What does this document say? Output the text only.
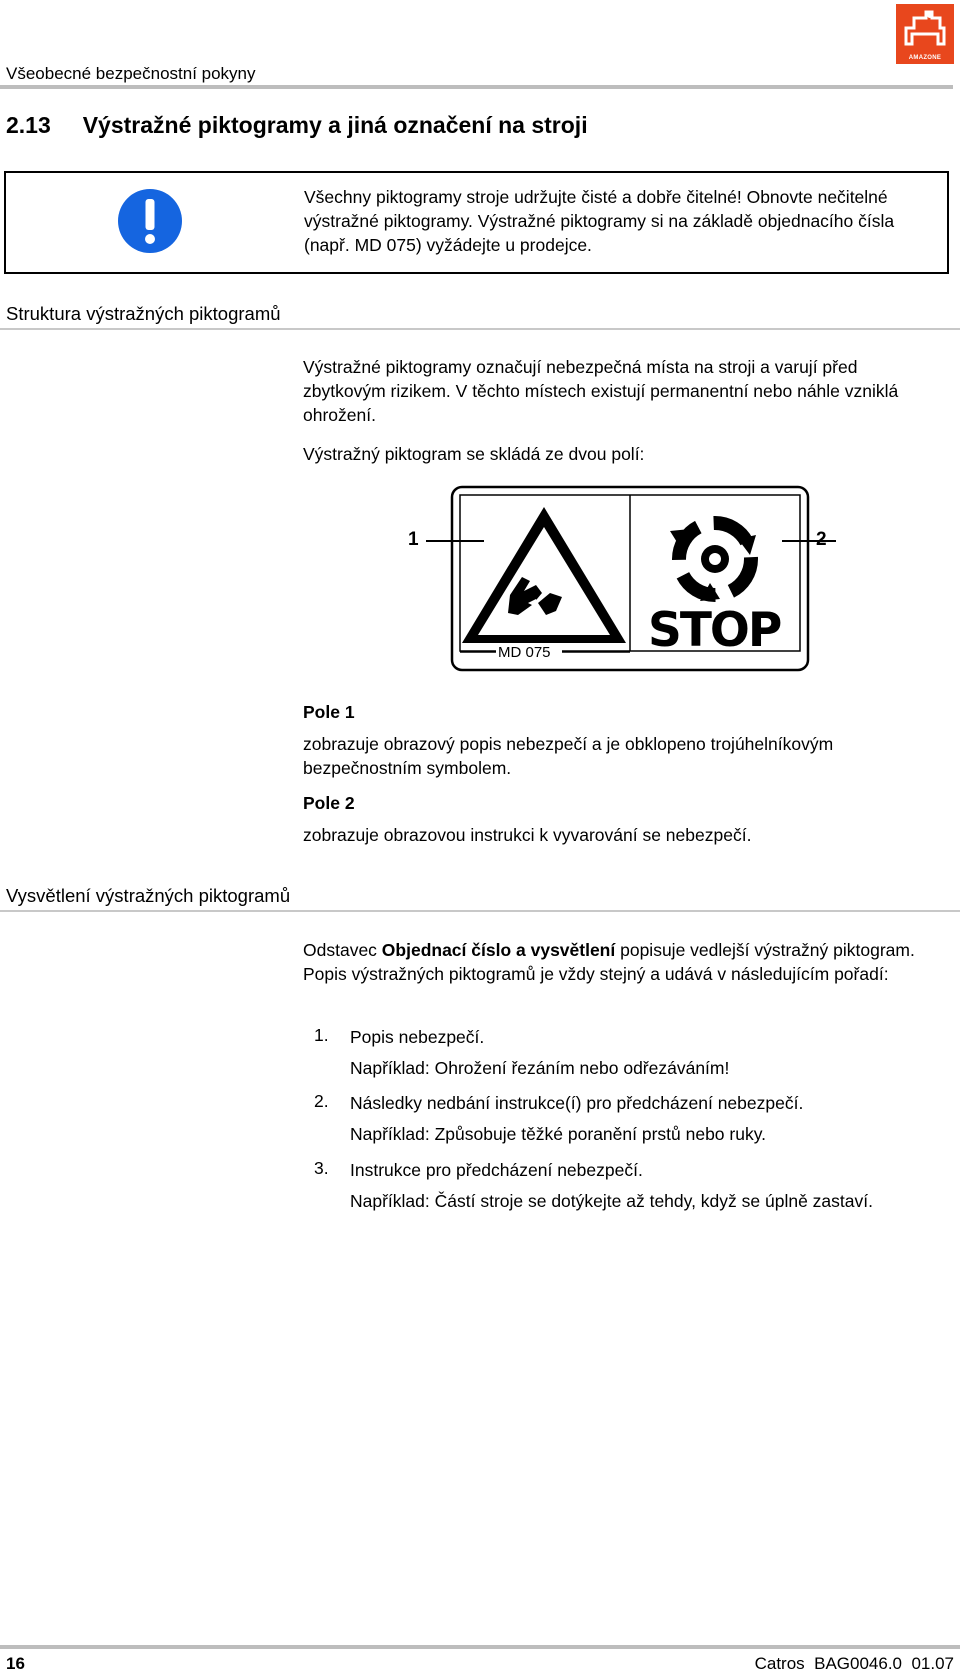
Všeobecné bezpečnostní pokyny
AMAZONE
2.13     Výstražné piktogramy a jiná označení na stroji
Všechny piktogramy stroje udržujte čisté a dobře čitelné! Obnovte nečitelné výstražné piktogramy. Výstražné piktogramy si na základě objednacího čísla (např. MD 075) vyžádejte u prodejce.
Struktura výstražných piktogramů
Výstražné piktogramy označují nebezpečná místa na stroji a varují před zbytkovým rizikem. V těchto místech existují permanentní nebo náhle vzniklá ohrožení.
Výstražný piktogram se skládá ze dvou polí:
1	2
STOP
MD 075
Pole 1
zobrazuje obrazový popis nebezpečí a je obklopeno trojúhelníkovým bezpečnostním symbolem.
Pole 2
zobrazuje obrazovou instrukci k vyvarování se nebezpečí.
Vysvětlení výstražných piktogramů
Odstavec Objednací číslo a vysvětlení popisuje vedlejší výstražný piktogram. Popis výstražných piktogramů je vždy stejný a udává v následujícím pořadí:
1. Popis nebezpečí.
Například: Ohrožení řezáním nebo odřezáváním!
2. Následky nedbání instrukce(í) pro předcházení nebezpečí.
Například: Způsobuje těžké poranění prstů nebo ruky.
3. Instrukce pro předcházení nebezpečí.
Například: Částí stroje se dotýkejte až tehdy, když se úplně zastaví.
16	Catros  BAG0046.0  01.07
